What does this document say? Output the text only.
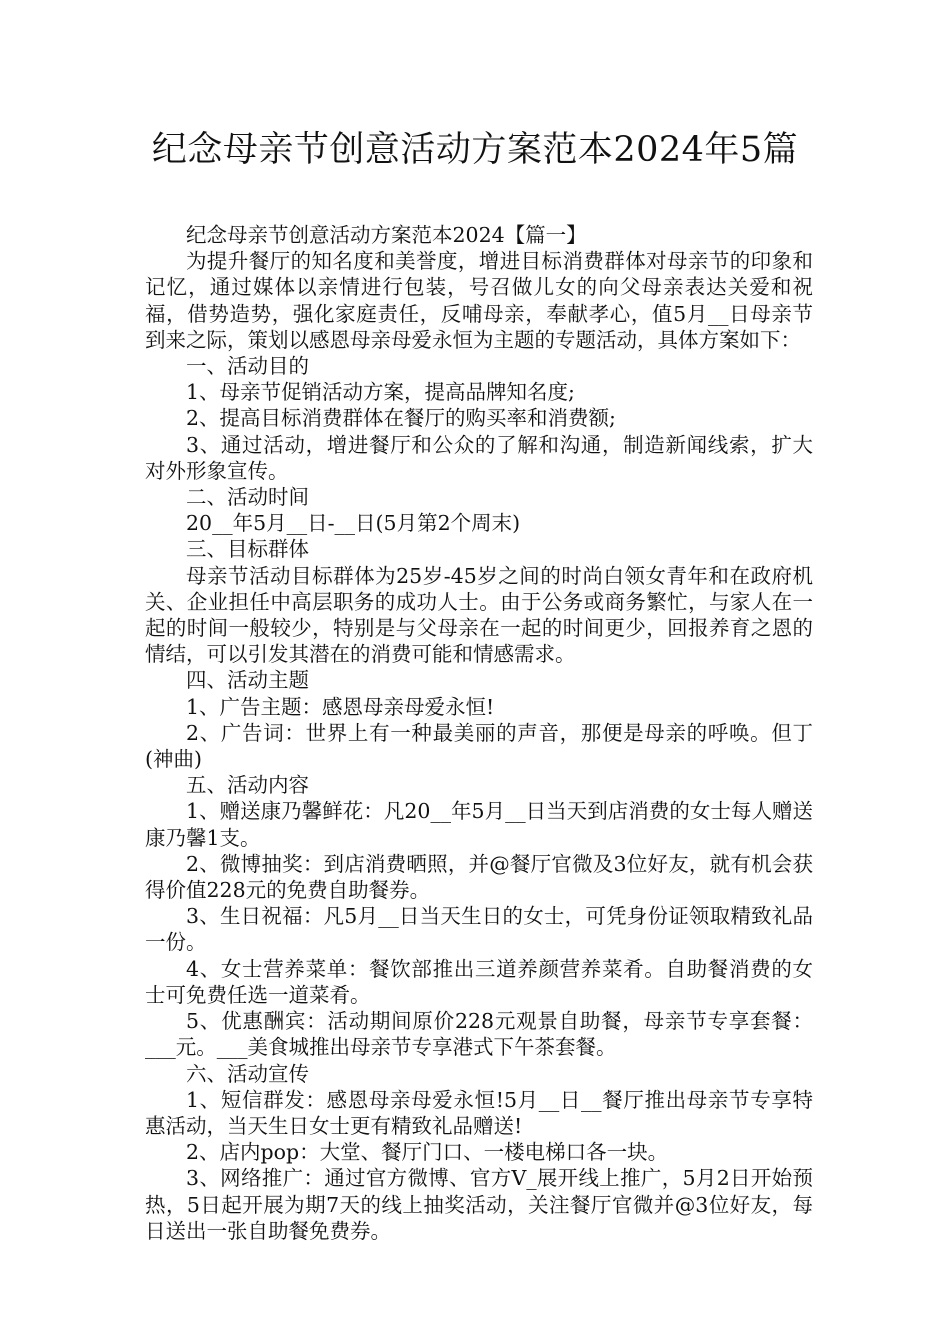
纪念母亲节创意活动方案范本2024年5篇

纪念母亲节创意活动方案范本2024【篇一】

为提升餐厅的知名度和美誉度，增进目标消费群体对母亲节的印象和记忆，通过媒体以亲情进行包装，号召做儿女的向父母亲表达关爱和祝福，借势造势，强化家庭责任，反哺母亲，奉献孝心，值5月__日母亲节到来之际，策划以感恩母亲母爱永恒为主题的专题活动，具体方案如下：

一、活动目的

1、母亲节促销活动方案，提高品牌知名度;

2、提高目标消费群体在餐厅的购买率和消费额;

3、通过活动，增进餐厅和公众的了解和沟通，制造新闻线索，扩大对外形象宣传。

二、活动时间

20__年5月__日-__日(5月第2个周末)

三、目标群体

母亲节活动目标群体为25岁-45岁之间的时尚白领女青年和在政府机关、企业担任中高层职务的成功人士。由于公务或商务繁忙，与家人在一起的时间一般较少，特别是与父母亲在一起的时间更少，回报养育之恩的情结，可以引发其潜在的消费可能和情感需求。

四、活动主题

1、广告主题：感恩母亲母爱永恒!

2、广告词：世界上有一种最美丽的声音，那便是母亲的呼唤。但丁(神曲)

五、活动内容

1、赠送康乃馨鲜花：凡20__年5月__日当天到店消费的女士每人赠送康乃馨1支。

2、微博抽奖：到店消费晒照，并@餐厅官微及3位好友，就有机会获得价值228元的免费自助餐券。

3、生日祝福：凡5月__日当天生日的女士，可凭身份证领取精致礼品一份。

4、女士营养菜单：餐饮部推出三道养颜营养菜肴。自助餐消费的女士可免费任选一道菜肴。

5、优惠酬宾：活动期间原价228元观景自助餐，母亲节专享套餐：___元。___美食城推出母亲节专享港式下午茶套餐。

六、活动宣传

1、短信群发：感恩母亲母爱永恒!5月__日__餐厅推出母亲节专享特惠活动，当天生日女士更有精致礼品赠送!

2、店内pop：大堂、餐厅门口、一楼电梯口各一块。

3、网络推广：通过官方微博、官方V_展开线上推广，5月2日开始预热，5日起开展为期7天的线上抽奖活动，关注餐厅官微并@3位好友，每日送出一张自助餐免费券。
